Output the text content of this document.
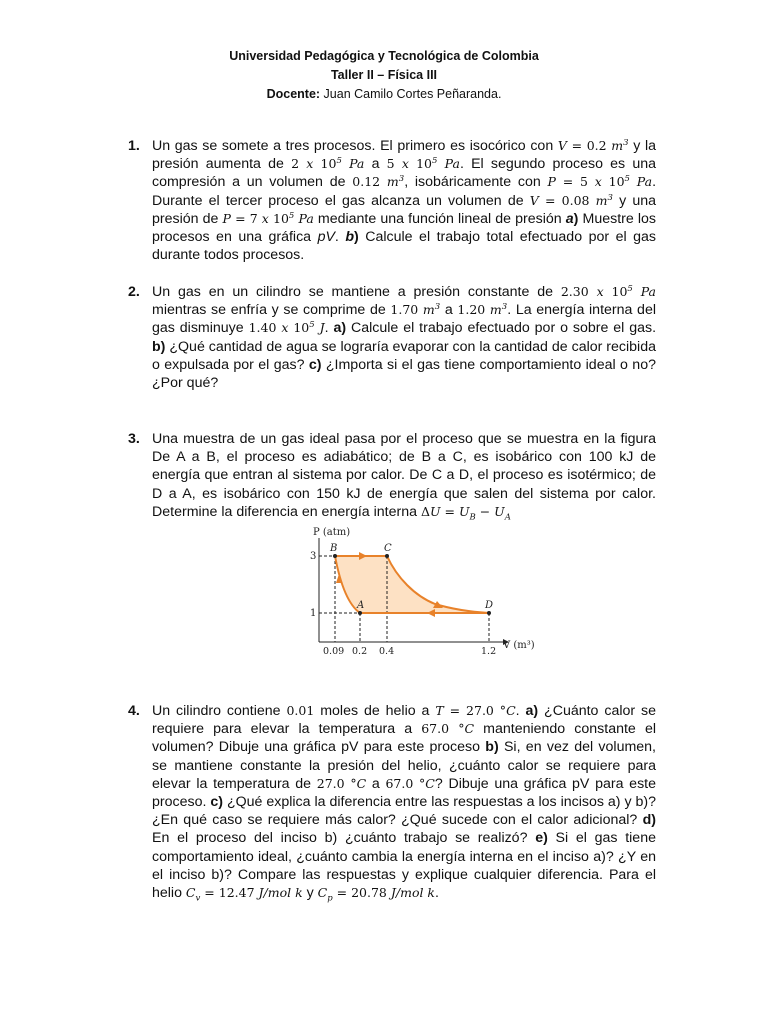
Universidad Pedagógica y Tecnológica de Colombia
Taller II – Física III
Docente: Juan Camilo Cortes Peñaranda.
1. Un gas se somete a tres procesos. El primero es isocórico con V = 0.2 $m^3$ y la presión aumenta de 2 x $10^5$ Pa a 5 x $10^5$ Pa. El segundo proceso es una compresión a un volumen de 0.12 $m^3$, isobáricamente con P = 5 x $10^5$ Pa. Durante el tercer proceso el gas alcanza un volumen de V = 0.08 $m^3$ y una presión de P = 7 x $10^5$ Pa mediante una función lineal de presión a) Muestre los procesos en una gráfica pV. b) Calcule el trabajo total efectuado por el gas durante todos procesos.
2. Un gas en un cilindro se mantiene a presión constante de 2.30 x $10^5$ Pa mientras se enfría y se comprime de 1.70 $m^3$ a 1.20 $m^3$. La energía interna del gas disminuye 1.40 x $10^5$ J. a) Calcule el trabajo efectuado por o sobre el gas. b) ¿Qué cantidad de agua se lograría evaporar con la cantidad de calor recibida o expulsada por el gas? c) ¿Importa si el gas tiene comportamiento ideal o no? ¿Por qué?
3. Una muestra de un gas ideal pasa por el proceso que se muestra en la figura De A a B, el proceso es adiabático; de B a C, es isobárico con 100 kJ de energía que entran al sistema por calor. De C a D, el proceso es isotérmico; de D a A, es isobárico con 150 kJ de energía que salen del sistema por calor. Determine la diferencia en energía interna $\Delta U = U_B - U_A$
P (atm)
B	C
A	D
3
1
0.09 0.2 0.4	1.2
V (m³)
4. Un cilindro contiene 0.01 moles de helio a T = 27.0 °C. a) ¿Cuánto calor se requiere para elevar la temperatura a 67.0 °C manteniendo constante el volumen? Dibuje una gráfica pV para este proceso b) Si, en vez del volumen, se mantiene constante la presión del helio, ¿cuánto calor se requiere para elevar la temperatura de 27.0 °C a 67.0 °C? Dibuje una gráfica pV para este proceso. c) ¿Qué explica la diferencia entre las respuestas a los incisos a) y b)? ¿En qué caso se requiere más calor? ¿Qué sucede con el calor adicional? d) En el proceso del inciso b) ¿cuánto trabajo se realizó? e) Si el gas tiene comportamiento ideal, ¿cuánto cambia la energía interna en el inciso a)? ¿Y en el inciso b)? Compare las respuestas y explique cualquier diferencia. Para el helio $C_v = 12.47$ J/mol k y $C_p = 20.78$ J/mol k.
